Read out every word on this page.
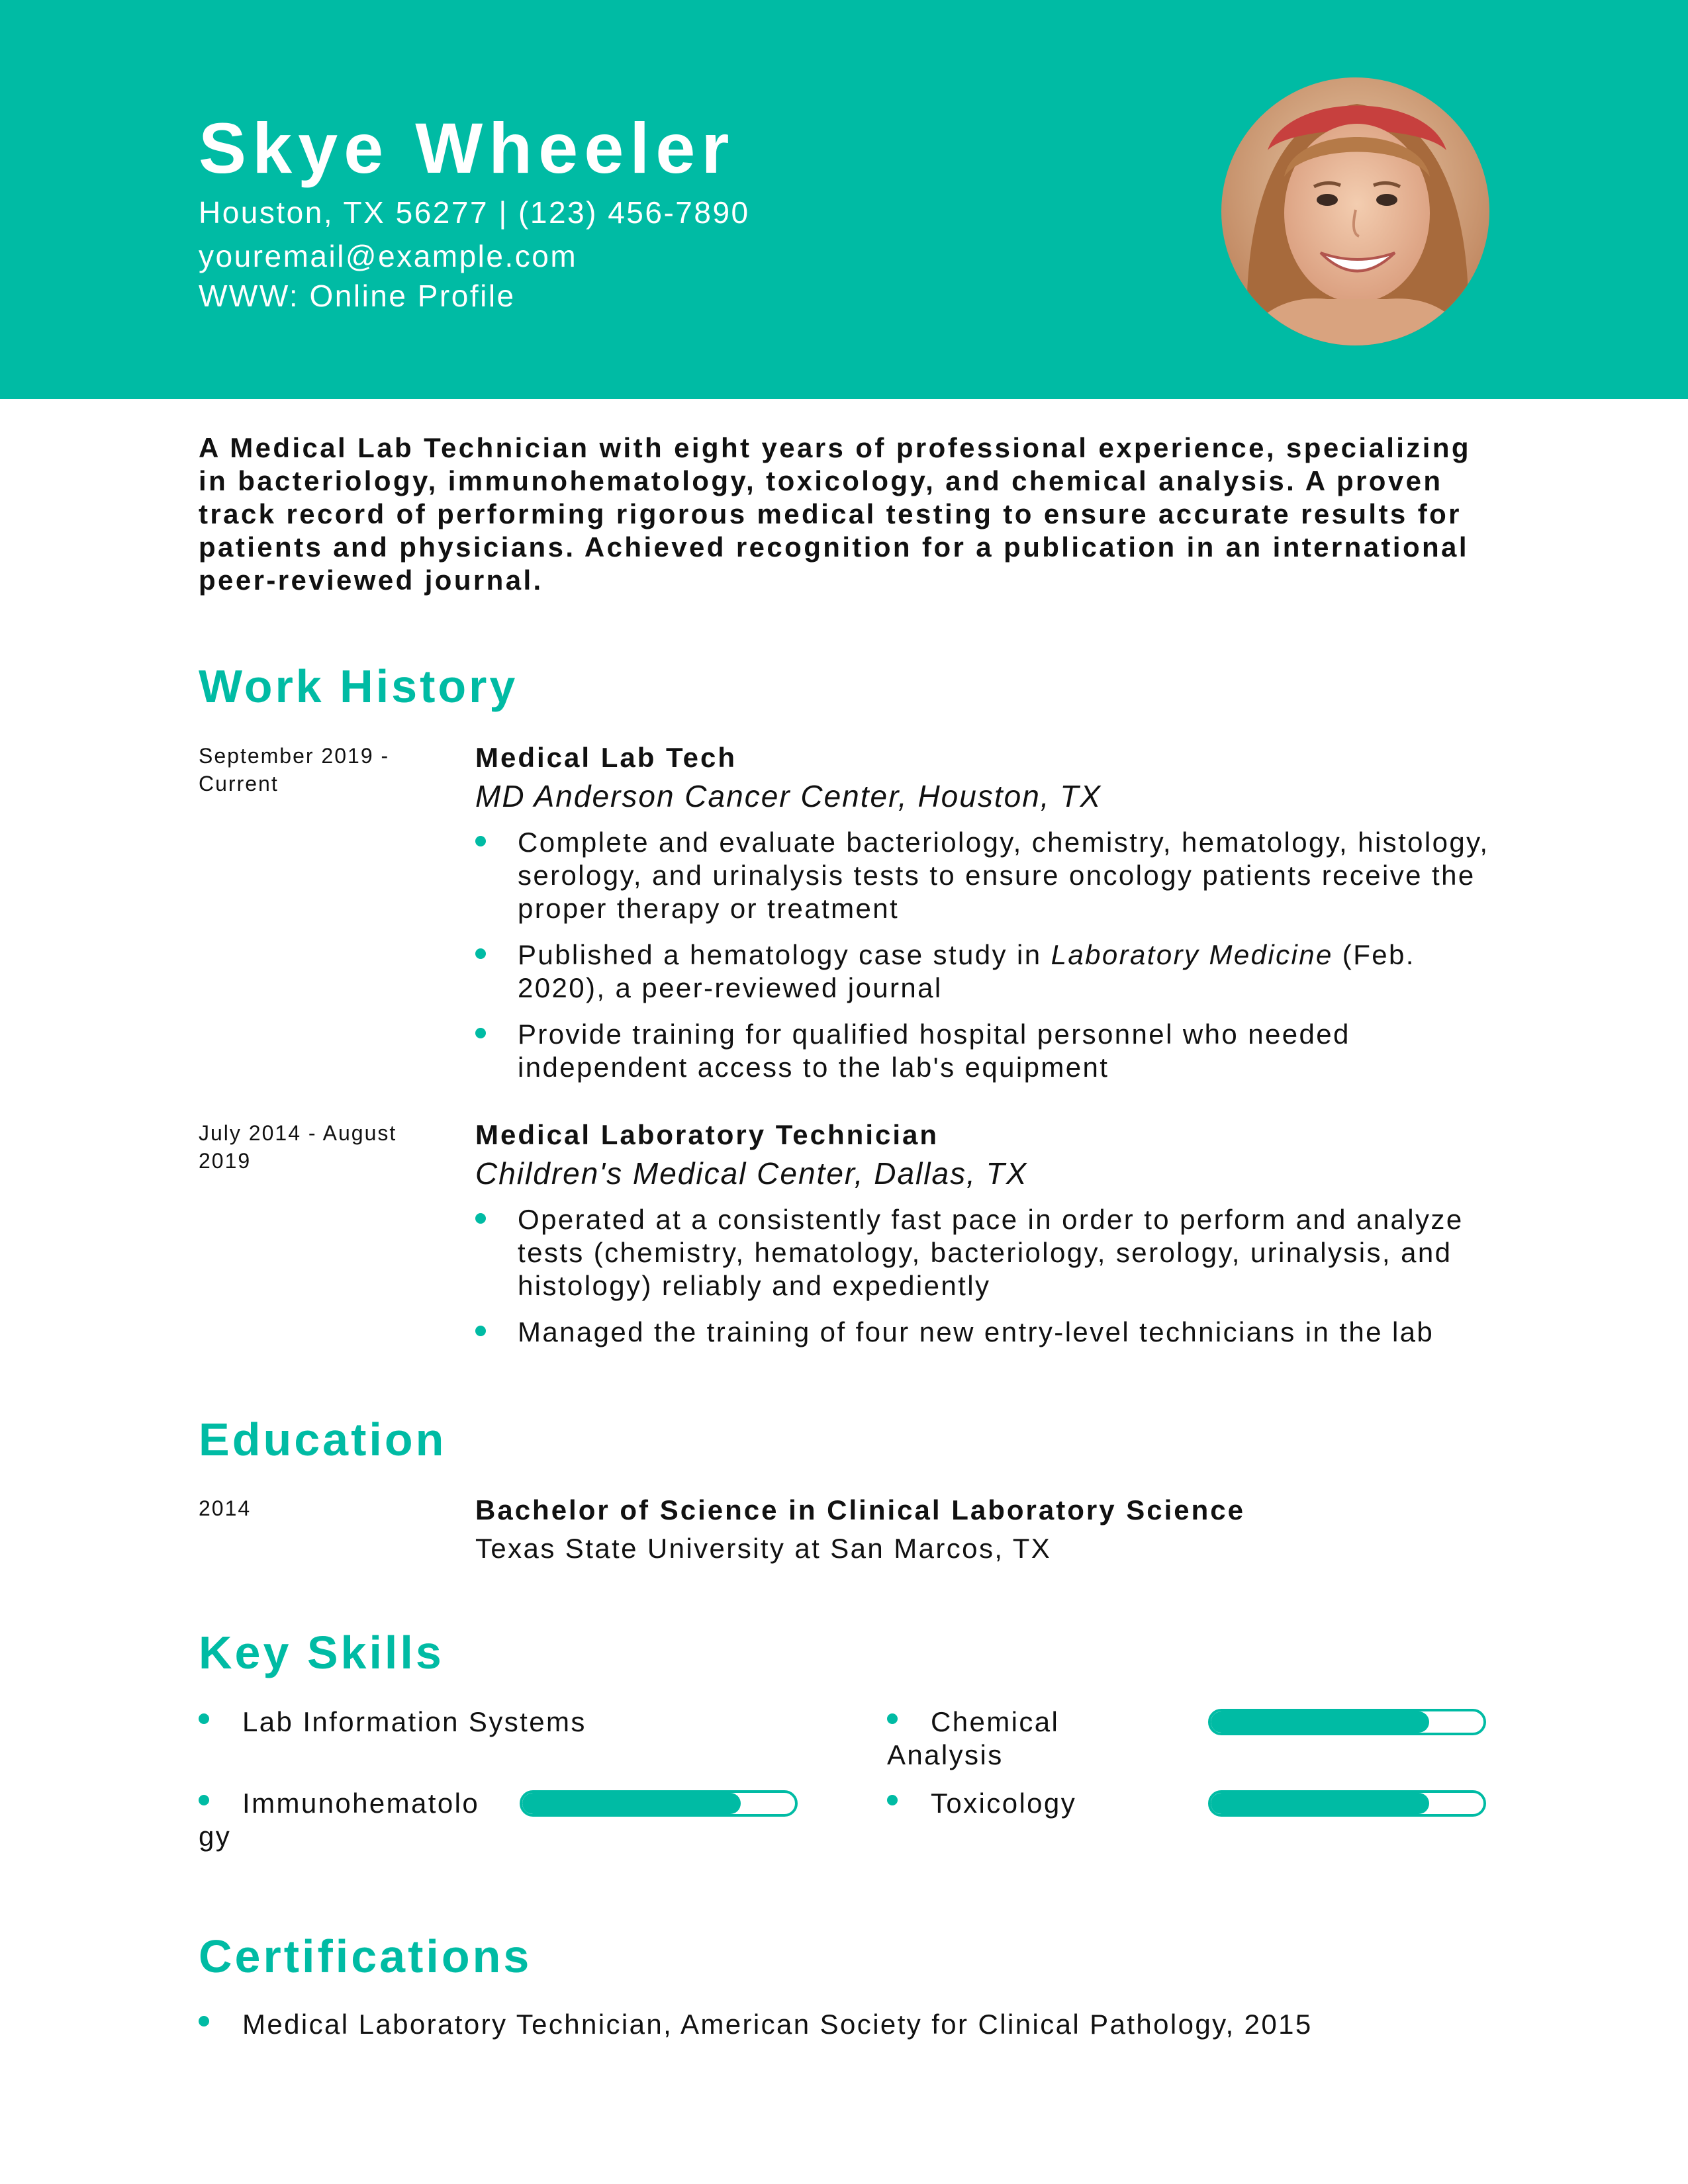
Skye Wheeler

Houston, TX 56277 | (123) 456-7890

youremail@example.com

WWW: Online Profile

A Medical Lab Technician with eight years of professional experience, specializing in bacteriology, immunohematology, toxicology, and chemical analysis. A proven track record of performing rigorous medical testing to ensure accurate results for patients and physicians. Achieved recognition for a publication in an international peer-reviewed journal.

Work History

September 2019 - Current

Medical Lab Tech

MD Anderson Cancer Center, Houston, TX

Complete and evaluate bacteriology, chemistry, hematology, histology, serology, and urinalysis tests to ensure oncology patients receive the proper therapy or treatment
Published a hematology case study in Laboratory Medicine (Feb. 2020), a peer-reviewed journal
Provide training for qualified hospital personnel who needed independent access to the lab's equipment

July 2014 - August 2019

Medical Laboratory Technician

Children's Medical Center, Dallas, TX

Operated at a consistently fast pace in order to perform and analyze tests (chemistry, hematology, bacteriology, serology, urinalysis, and histology) reliably and expediently
Managed the training of four new entry-level technicians in the lab
Education

2014	Bachelor of Science in Clinical Laboratory Science

Texas State University at San Marcos, TX

Key Skills
Lab Information Systems	Chemical Analysis
Immunohematology
Toxicology
Certifications
Medical Laboratory Technician, American Society for Clinical Pathology, 2015
